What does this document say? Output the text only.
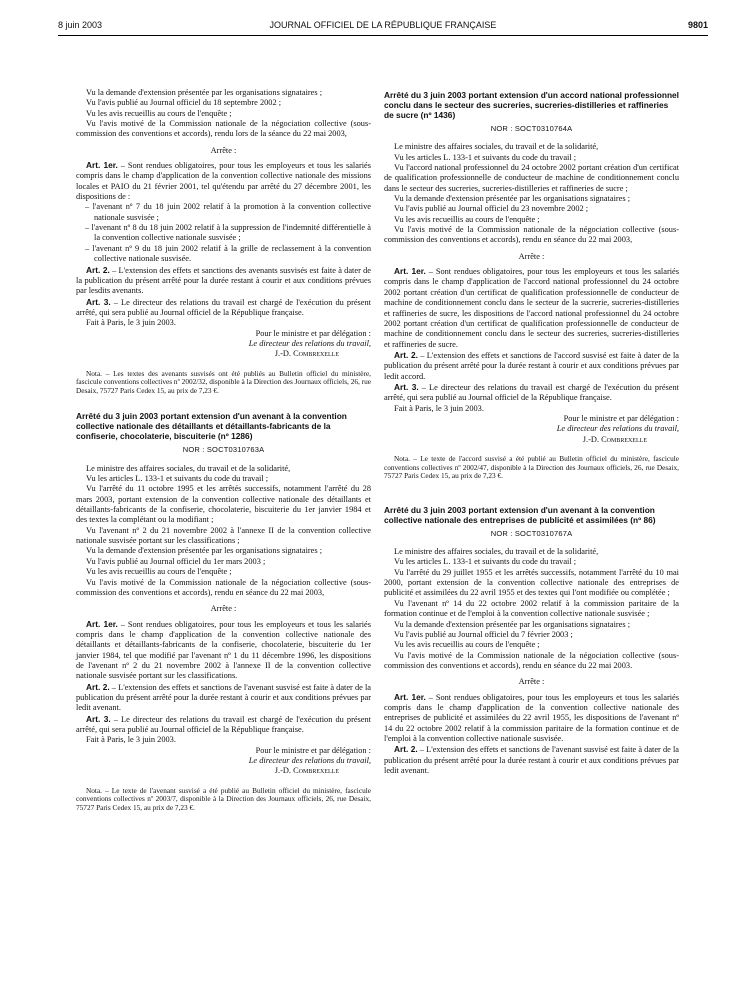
8 juin 2003	JOURNAL OFFICIEL DE LA RÉPUBLIQUE FRANÇAISE	9801

Vu la demande d'extension présentée par les organisations signataires ;

Vu l'avis publié au Journal officiel du 18 septembre 2002 ;

Vu les avis recueillis au cours de l'enquête ;

Vu l'avis motivé de la Commission nationale de la négociation collective (sous-commission des conventions et accords), rendu lors de la séance du 22 mai 2003,

Arrête :

Art. 1er. – Sont rendues obligatoires, pour tous les employeurs et tous les salariés compris dans le champ d'application de la convention collective nationale des missions locales et PAIO du 21 février 2001, tel qu'étendu par arrêté du 27 décembre 2001, les dispositions de :

– l'avenant nº 7 du 18 juin 2002 relatif à la promotion à la convention collective nationale susvisée ;

– l'avenant nº 8 du 18 juin 2002 relatif à la suppression de l'indemnité différentielle à la convention collective nationale susvisée ;

– l'avenant nº 9 du 18 juin 2002 relatif à la grille de reclassement à la convention collective nationale susvisée.

Art. 2. – L'extension des effets et sanctions des avenants susvisés est faite à dater de la publication du présent arrêté pour la durée restant à courir et aux conditions prévues par lesdits avenants.

Art. 3. – Le directeur des relations du travail est chargé de l'exécution du présent arrêté, qui sera publié au Journal officiel de la République française.

Fait à Paris, le 3 juin 2003.

Pour le ministre et par délégation :

Le directeur des relations du travail,

J.-D. Combrexelle

Nota. – Les textes des avenants susvisés ont été publiés au Bulletin officiel du ministère, fascicule conventions collectives nº 2002/32, disponible à la Direction des Journaux officiels, 26, rue Desaix, 75727 Paris Cedex 15, au prix de 7,23 €.

Arrêté du 3 juin 2003 portant extension d'un avenant à la convention collective nationale des détaillants et détaillants-fabricants de la confiserie, chocolaterie, biscuiterie (nº 1286)
NOR : SOCT0310763A

Le ministre des affaires sociales, du travail et de la solidarité,

Vu les articles L. 133-1 et suivants du code du travail ;

Vu l'arrêté du 11 octobre 1995 et les arrêtés successifs, notamment l'arrêté du 28 mars 2003, portant extension de la convention collective nationale des détaillants et détaillants-fabricants de la confiserie, chocolaterie, biscuiterie du 1er janvier 1984 et des textes la complétant ou la modifiant ;

Vu l'avenant nº 2 du 21 novembre 2002 à l'annexe II de la convention collective nationale susvisée portant sur les classifications ;

Vu la demande d'extension présentée par les organisations signataires ;

Vu l'avis publié au Journal officiel du 1er mars 2003 ;

Vu les avis recueillis au cours de l'enquête ;

Vu l'avis motivé de la Commission nationale de la négociation collective (sous-commission des conventions et accords), rendu en séance du 22 mai 2003,

Arrête :

Art. 1er. – Sont rendues obligatoires, pour tous les employeurs et tous les salariés compris dans le champ d'application de la convention collective nationale des détaillants et détaillants-fabricants de la confiserie, chocolaterie, biscuiterie du 1er janvier 1984, tel que modifié par l'avenant nº 1 du 11 décembre 1996, les dispositions de l'avenant nº 2 du 21 novembre 2002 à l'annexe II de la convention collective nationale susvisée portant sur les classifications.

Art. 2. – L'extension des effets et sanctions de l'avenant susvisé est faite à dater de la publication du présent arrêté pour la durée restant à courir et aux conditions prévues par ledit avenant.

Art. 3. – Le directeur des relations du travail est chargé de l'exécution du présent arrêté, qui sera publié au Journal officiel de la République française.

Fait à Paris, le 3 juin 2003.

Pour le ministre et par délégation :

Le directeur des relations du travail,

J.-D. Combrexelle

Nota. – Le texte de l'avenant susvisé a été publié au Bulletin officiel du ministère, fascicule conventions collectives nº 2003/7, disponible à la Direction des Journaux officiels, 26, rue Desaix, 75727 Paris Cedex 15, au prix de 7,23 €.

Arrêté du 3 juin 2003 portant extension d'un accord national professionnel conclu dans le secteur des sucreries, sucreries-distilleries et raffineries de sucre (nº 1436)
NOR : SOCT0310764A

Le ministre des affaires sociales, du travail et de la solidarité,

Vu les articles L. 133-1 et suivants du code du travail ;

Vu l'accord national professionnel du 24 octobre 2002 portant création d'un certificat de qualification professionnelle de conducteur de machine de conditionnement conclu dans le secteur des sucreries, sucreries-distilleries et raffineries de sucre ;

Vu la demande d'extension présentée par les organisations signataires ;

Vu l'avis publié au Journal officiel du 23 novembre 2002 ;

Vu les avis recueillis au cours de l'enquête ;

Vu l'avis motivé de la Commission nationale de la négociation collective (sous-commission des conventions et accords), rendu en séance du 22 mai 2003,

Arrête :

Art. 1er. – Sont rendues obligatoires, pour tous les employeurs et tous les salariés compris dans le champ d'application de l'accord national professionnel du 24 octobre 2002 portant création d'un certificat de qualification professionnelle de conducteur de machine de conditionnement conclu dans le secteur de la sucrerie, sucreries-distilleries et raffineries de sucre, les dispositions de l'accord national professionnel du 24 octobre 2002 portant création d'un certificat de qualification professionnelle de conducteur de machine de conditionnement conclu dans le secteur des sucreries, sucreries-distilleries et raffineries de sucre.

Art. 2. – L'extension des effets et sanctions de l'accord susvisé est faite à dater de la publication du présent arrêté pour la durée restant à courir et aux conditions prévues par ledit accord.

Art. 3. – Le directeur des relations du travail est chargé de l'exécution du présent arrêté, qui sera publié au Journal officiel de la République française.

Fait à Paris, le 3 juin 2003.

Pour le ministre et par délégation :

Le directeur des relations du travail,

J.-D. Combrexelle

Nota. – Le texte de l'accord susvisé a été publié au Bulletin officiel du ministère, fascicule conventions collectives nº 2002/47, disponible à la Direction des Journaux officiels, 26, rue Desaix, 75727 Paris Cedex 15, au prix de 7,23 €.

Arrêté du 3 juin 2003 portant extension d'un avenant à la convention collective nationale des entreprises de publicité et assimilées (nº 86)
NOR : SOCT0310767A

Le ministre des affaires sociales, du travail et de la solidarité,

Vu les articles L. 133-1 et suivants du code du travail ;

Vu l'arrêté du 29 juillet 1955 et les arrêtés successifs, notamment l'arrêté du 10 mai 2000, portant extension de la convention collective nationale des entreprises de publicité et assimilées du 22 avril 1955 et des textes qui l'ont modifiée ou complétée ;

Vu l'avenant nº 14 du 22 octobre 2002 relatif à la commission paritaire de la formation continue et de l'emploi à la convention collective nationale susvisée ;

Vu la demande d'extension présentée par les organisations signataires ;

Vu l'avis publié au Journal officiel du 7 février 2003 ;

Vu les avis recueillis au cours de l'enquête ;

Vu l'avis motivé de la Commission nationale de la négociation collective (sous-commission des conventions et accords), rendu en séance du 22 mai 2003.

Arrête :

Art. 1er. – Sont rendues obligatoires, pour tous les employeurs et tous les salariés compris dans le champ d'application de la convention collective nationale des entreprises de publicité et assimilées du 22 avril 1955, les dispositions de l'avenant nº 14 du 22 octobre 2002 relatif à la commission paritaire de la formation continue et de l'emploi à la convention collective nationale susvisée.

Art. 2. – L'extension des effets et sanctions de l'avenant susvisé est faite à dater de la publication du présent arrêté pour la durée restant à courir et aux conditions prévues par ledit avenant.
